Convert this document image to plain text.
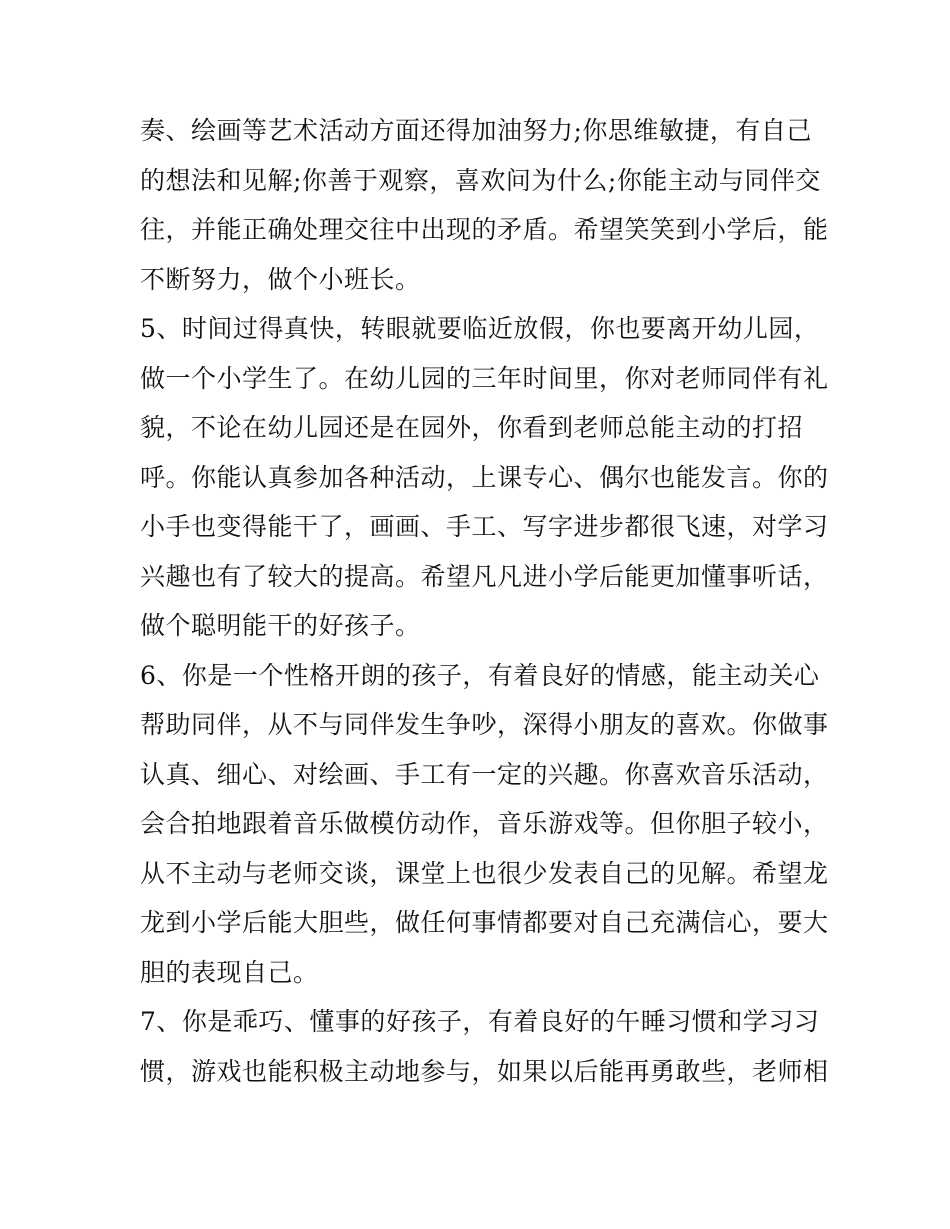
奏、绘画等艺术活动方面还得加油努力;你思维敏捷，有自己
的想法和见解;你善于观察，喜欢问为什么;你能主动与同伴交
往，并能正确处理交往中出现的矛盾。希望笑笑到小学后，能
不断努力，做个小班长。
5、时间过得真快，转眼就要临近放假，你也要离开幼儿园，
做一个小学生了。在幼儿园的三年时间里，你对老师同伴有礼
貌，不论在幼儿园还是在园外，你看到老师总能主动的打招
呼。你能认真参加各种活动，上课专心、偶尔也能发言。你的
小手也变得能干了，画画、手工、写字进步都很飞速，对学习
兴趣也有了较大的提高。希望凡凡进小学后能更加懂事听话，
做个聪明能干的好孩子。
6、你是一个性格开朗的孩子，有着良好的情感，能主动关心
帮助同伴，从不与同伴发生争吵，深得小朋友的喜欢。你做事
认真、细心、对绘画、手工有一定的兴趣。你喜欢音乐活动，
会合拍地跟着音乐做模仿动作，音乐游戏等。但你胆子较小，
从不主动与老师交谈，课堂上也很少发表自己的见解。希望龙
龙到小学后能大胆些，做任何事情都要对自己充满信心，要大
胆的表现自己。
7、你是乖巧、懂事的好孩子，有着良好的午睡习惯和学习习
惯，游戏也能积极主动地参与，如果以后能再勇敢些，老师相
